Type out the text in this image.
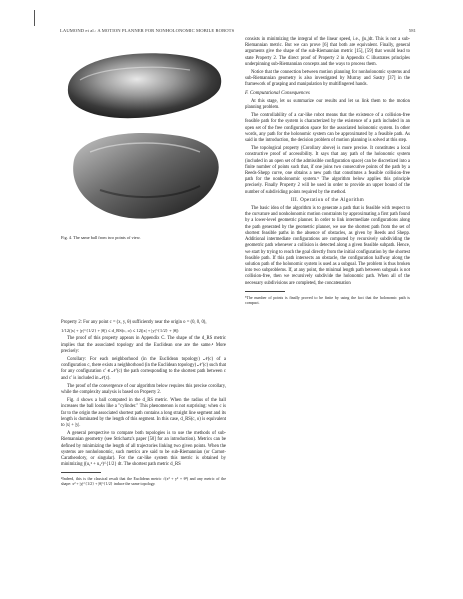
LAUMOND et al.: A MOTION PLANNER FOR NONHOLONOMIC MOBILE ROBOTS	581
Fig. 4. The same ball from two points of view.

Property 2: For any point c = (x, y, θ) sufficiently near the origin o = (0, 0, 0),

1/12(|x| + |y|^{1/2} + |θ|) ≤ d_RS(c, o) ≤ 12(|x| + |y|^{1/2} + |θ|)

The proof of this property appears in Appendix C. The shape of the d_RS metric implies that the associated topology and the Euclidean one are the same.⁴ More precisely:

Corollary: For each neighborhood (in the Euclidean topology) 𝒩(c) of a configuration c, there exists a neighborhood (in the Euclidean topology) 𝒩′(c) such that for any configuration c′ ∈ 𝒩′(c) the path corresponding to the shortest path between c and c′ is included in 𝒩(c).

The proof of the convergence of our algorithm below requires this precise corollary, while the complexity analysis is based on Property 2.

Fig. 4 shows a ball computed in the d_RS metric. When the radius of the ball increases the ball looks like a "cylinder." This phenomenon is not surprising: when c is far to the origin the associated shortest path contains a long straight line segment and its length is dominated by the length of this segment. In this case, d_RS(c, o) is equivalent to |x| + |y|.

A general perspective to compare both topologies is to use the methods of sub-Riemannian geometry (see Strichartz's paper [50] for an introduction). Metrics can be defined by minimizing the length of all trajectories linking two given points. When the systems are nonholonomic, such metrics are said to be sub-Riemannian (or Carnot-Caratheodory, or singular). For the car-like system this metric is obtained by minimizing ∫(u₁² + u₂²)^{1/2} dt. The shortest path metric d_RS

⁴Indeed, this is the classical result that the Euclidean metric √(x² + y² + θ²) and any metric of the shape: x² + |y|^{1/2} + |θ|^{1/2} induce the same topology.

consists in minimizing the integral of the linear speed, i.e., ∫|u₁|dt. This is not a sub-Riemannian metric. But we can prove [6] that both are equivalent. Finally, general arguments give the shape of the sub-Riemannian metric [15], [59] that would lead to state Property 2. The direct proof of Property 2 in Appendix C illustrates principles underpinning sub-Riemannian concepts and the ways to process them.

Notice that the connection between motion planning for nonholonomic systems and sub-Riemannian geometry is also investigated by Murray and Sastry [37] in the framework of grasping and manipulation by multifingered hands.

F. Computational Consequences

At this stage, let us summarize our results and let us link them to the motion planning problem.

The controllability of a car-like robot means that the existence of a collision-free feasible path for the system is characterized by the existence of a path included in an open set of the free configuration space for the associated holonomic system. In other words, any path for the holonomic system can be approximated by a feasible path. As said in the introduction, the decision problem of motion planning is solved at this step.

The topological property (Corollary above) is more precise. It constitutes a local constructive proof of accessibility. It says that any path of the holonomic system (included in an open set of the admissible configuration space) can be discretized into a finite number of points such that, if one joins two consecutive points of the path by a Reeds-Shepp curve, one obtains a new path that constitutes a feasible collision-free path for the nonholonomic system.⁵ The algorithm below applies this principle precisely. Finally Property 2 will be used in order to provide an upper bound of the number of subdividing points required by the method.

III. Operation of the Algorithm

The basic idea of the algorithm is to generate a path that is feasible with respect to the curvature and nonholonomic motion constraints by approximating a first path found by a lower-level geometric planner. In order to link intermediate configurations along the path generated by the geometric planner, we use the shortest path from the set of shortest feasible paths in the absence of obstacles, as given by Reeds and Shepp. Additional intermediate configurations are computed by recursively subdividing the geometric path whenever a collision is detected along a given feasible subpath. Hence, we start by trying to reach the goal directly from the initial configuration by the shortest feasible path. If this path intersects an obstacle, the configuration halfway along the solution path of the holonomic system is used as a subgoal. The problem is thus broken into two subproblems. If, at any point, the minimal length path between subgoals is not collision-free, then we recursively subdivide the holonomic path. When all of the necessary subdivisions are completed, the concatenation

⁵The number of points is finally proved to be finite by using the fact that the holonomic path is compact.
